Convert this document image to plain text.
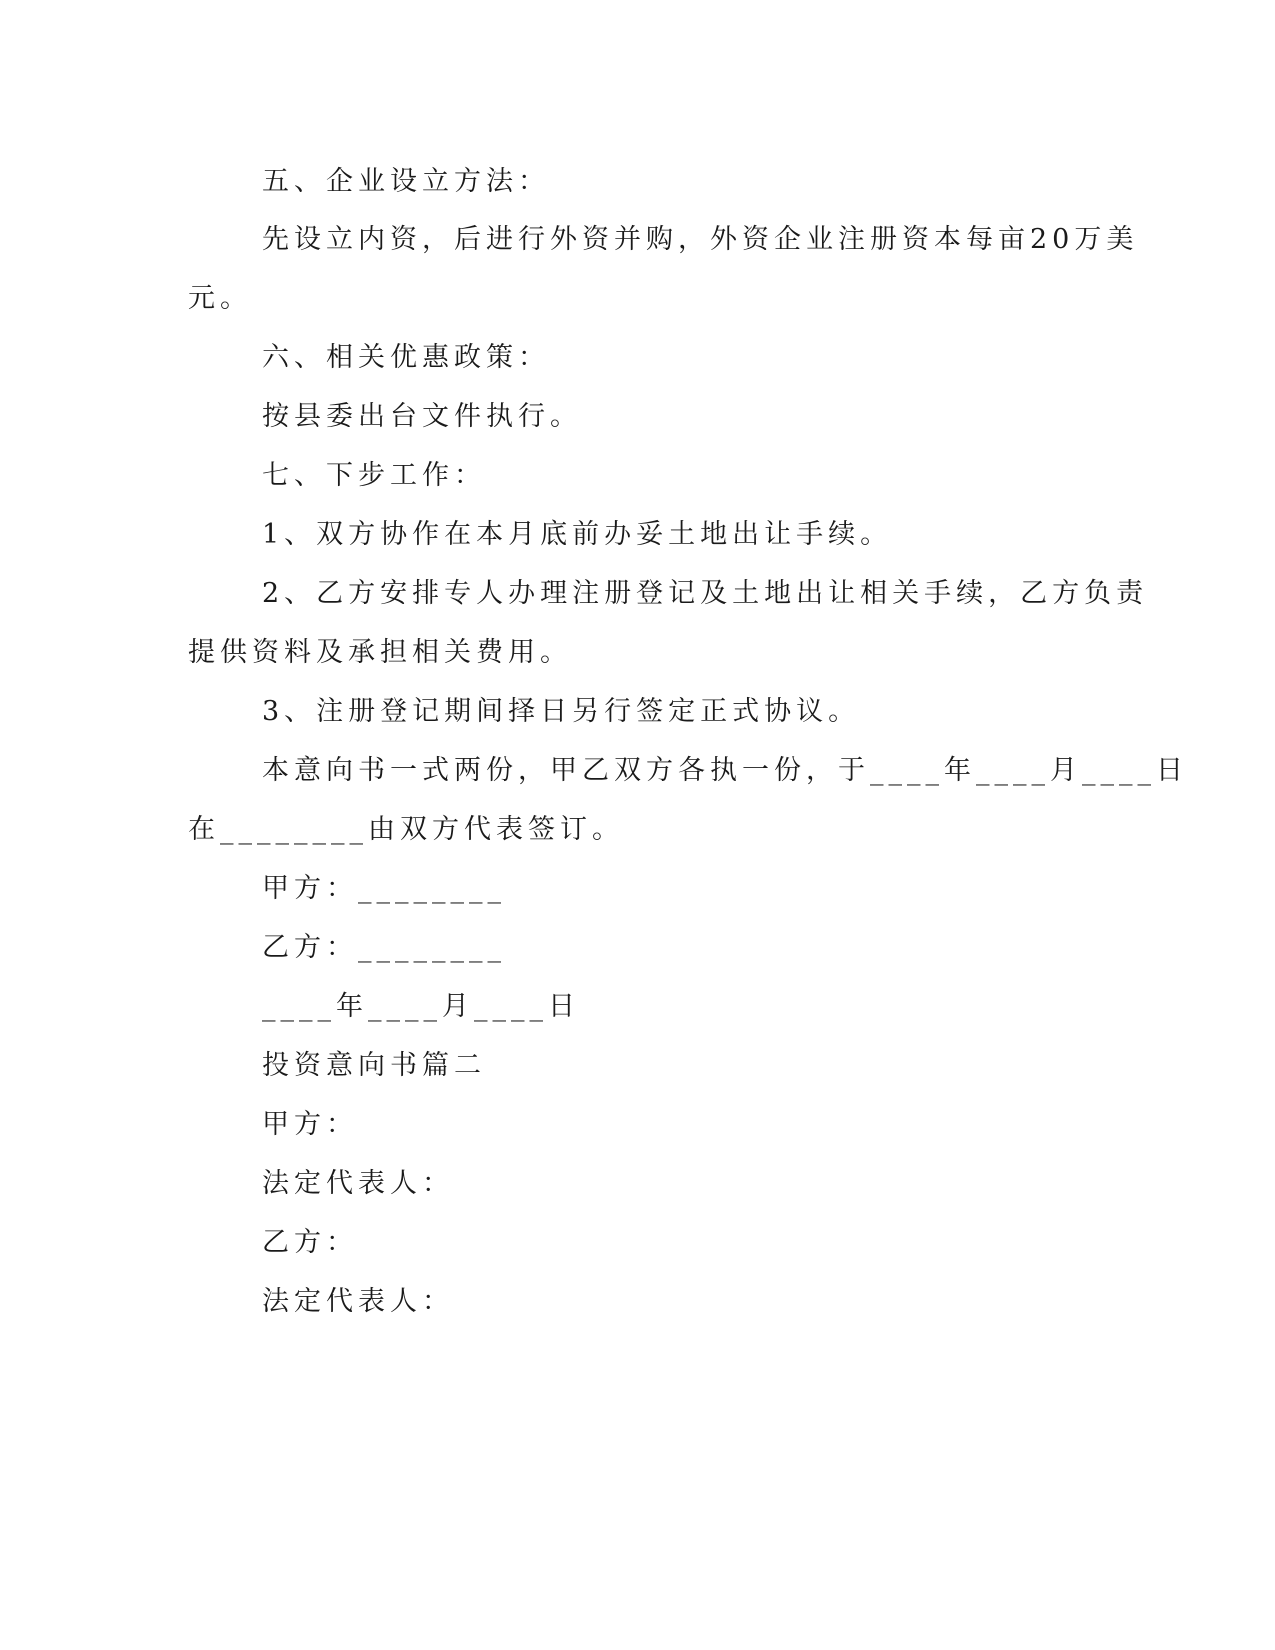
五、企业设立方法：
先设立内资，后进行外资并购，外资企业注册资本每亩20万美
元。
六、相关优惠政策：
按县委出台文件执行。
七、下步工作：
1、双方协作在本月底前办妥土地出让手续。
2、乙方安排专人办理注册登记及土地出让相关手续，乙方负责
提供资料及承担相关费用。
3、注册登记期间择日另行签定正式协议。
本意向书一式两份，甲乙双方各执一份，于____年____月____日
在________由双方代表签订。
甲方：________
乙方：________
____年____月____日
投资意向书篇二
甲方：
法定代表人：
乙方：
法定代表人：
